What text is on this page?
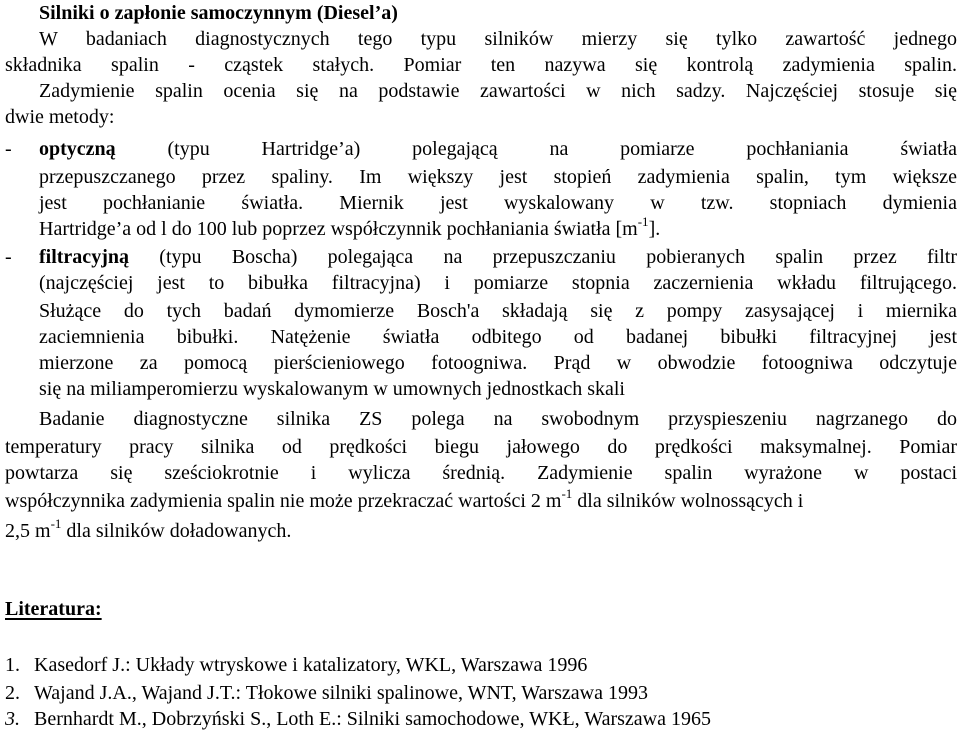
Silniki o zapłonie samoczynnym (Diesel’a)
W badaniach diagnostycznych tego typu silników mierzy się tylko zawartość jednego
składnika spalin - cząstek stałych. Pomiar ten nazywa się kontrolą zadymienia spalin.
Zadymienie spalin ocenia się na podstawie zawartości w nich sadzy. Najczęściej stosuje się
dwie metody:
- optyczną	(typu Hartridge’a) polegającą na pomiarze pochłaniania światła
przepuszczanego przez spaliny. Im większy jest stopień zadymienia spalin, tym większe
jest pochłanianie światła. Miernik jest wyskalowany w tzw. stopniach dymienia
Hartridge’a od l do 100 lub poprzez współczynnik pochłaniania światła $[m^{-1}]$.
- filtracyjną (typu Boscha) polegająca na przepuszczaniu pobieranych spalin przez filtr
(najczęściej jest to bibułka filtracyjna) i pomiarze stopnia zaczernienia wkładu filtrującego.
Służące do tych badań dymomierze Bosch'a składają się z pompy zasysającej i miernika
zaciemnienia bibułki. Natężenie światła odbitego od badanej bibułki filtracyjnej jest
mierzone za pomocą pierścieniowego fotoogniwa. Prąd w obwodzie fotoogniwa odczytuje
się na miliamperomierzu wyskalowanym w umownych jednostkach skali
Badanie diagnostyczne silnika ZS polega na swobodnym przyspieszeniu nagrzanego do
temperatury pracy silnika od prędkości biegu jałowego do prędkości maksymalnej. Pomiar
powtarza się sześciokrotnie i wylicza średnią. Zadymienie spalin wyrażone w postaci
współczynnika zadymienia spalin nie może przekraczać wartości 2 $m^{-1}$ dla silników wolnossących i
2,5 $m^{-1}$ dla silników doładowanych.
Literatura:
1. Kasedorf J.: Układy wtryskowe i katalizatory, WKL, Warszawa 1996
2. Wajand J.A., Wajand J.T.: Tłokowe silniki spalinowe, WNT, Warszawa 1993
3. Bernhardt M., Dobrzyński S., Loth E.: Silniki samochodowe, WKŁ, Warszawa 1965
